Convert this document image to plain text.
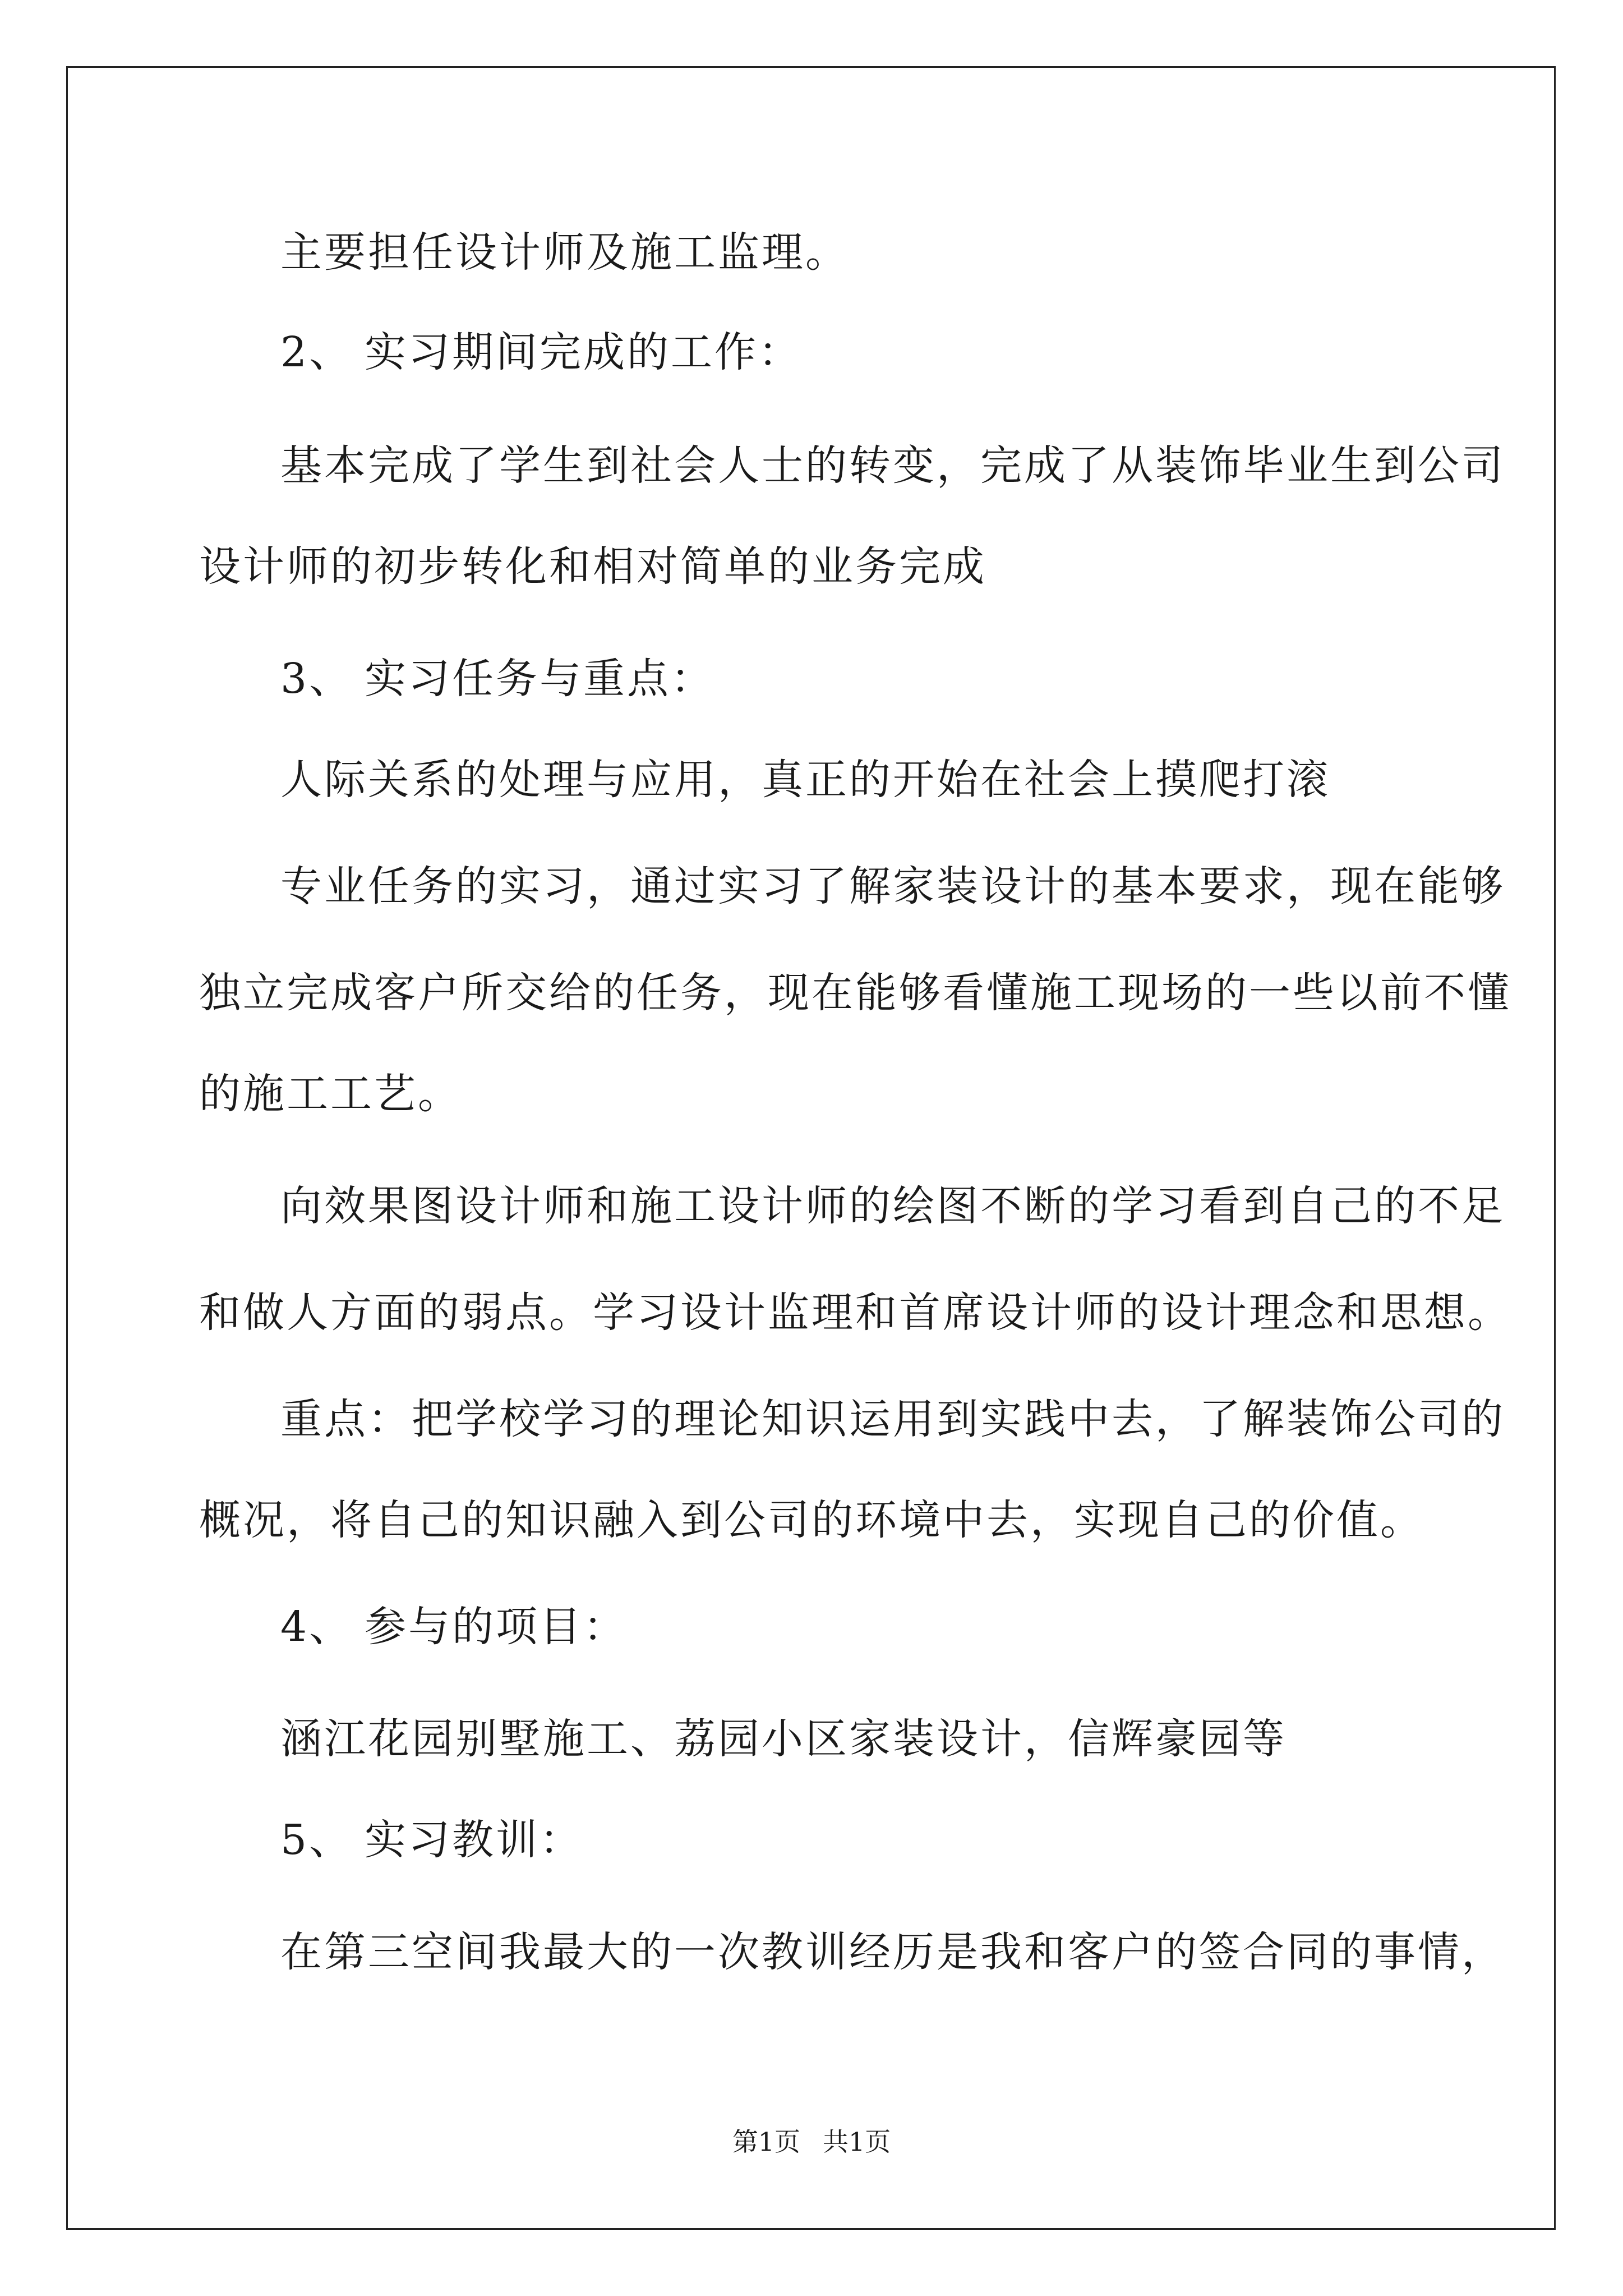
主要担任设计师及施工监理。
2、 实习期间完成的工作：
基本完成了学生到社会人士的转变，完成了从装饰毕业生到公司
设计师的初步转化和相对简单的业务完成
3、 实习任务与重点：
人际关系的处理与应用，真正的开始在社会上摸爬打滚
专业任务的实习，通过实习了解家装设计的基本要求，现在能够
独立完成客户所交给的任务，现在能够看懂施工现场的一些以前不懂
的施工工艺。
向效果图设计师和施工设计师的绘图不断的学习看到自己的不足
和做人方面的弱点。学习设计监理和首席设计师的设计理念和思想。
重点：把学校学习的理论知识运用到实践中去，了解装饰公司的
概况，将自己的知识融入到公司的环境中去，实现自己的价值。
4、 参与的项目：
涵江花园别墅施工、荔园小区家装设计，信辉豪园等
5、 实习教训：
在第三空间我最大的一次教训经历是我和客户的签合同的事情，
第1页 共1页
